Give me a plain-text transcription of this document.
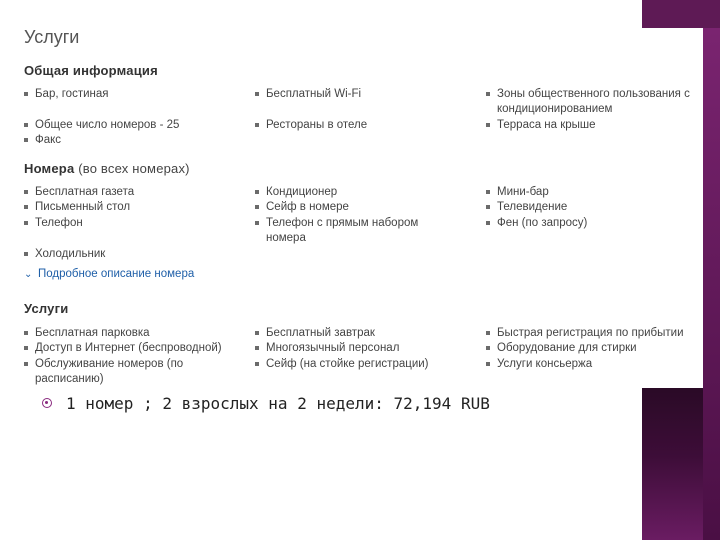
Услуги
Общая информация
Бар, гостиная	Бесплатный Wi-Fi	Зоны общественного пользования с кондиционированием
Общее число номеров - 25	Рестораны в отеле	Терраса на крыше
Факс
Номера (во всех номерах)
Бесплатная газета
Письменный стол
Телефон
Кондиционер
Сейф в номере
Телефон с прямым набором номера
Мини-бар
Телевидение
Фен (по запросу)
Холодильник
⌄ Подробное описание номера
Услуги
Бесплатная парковка
Доступ в Интернет (беспроводной)
Обслуживание номеров (по расписанию)
Бесплатный завтрак
Многоязычный персонал
Сейф (на стойке регистрации)
Быстрая регистрация по прибытии
Оборудование для стирки
Услуги консьержа
1 номер ; 2 взрослых на 2 недели: 72,194 RUB
